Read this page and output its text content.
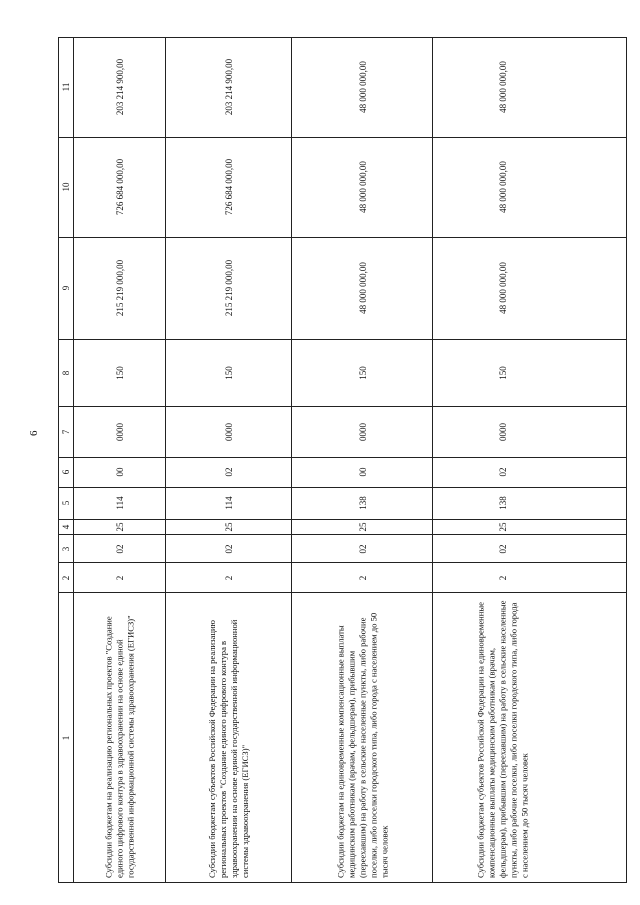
6
1
2
3
4
5
6
7
8
9
10
11
Субсидии бюджетам на реализацию региональных проектов "Создание единого цифрового контура в здравоохранении на основе единой государственной информационной системы здравоохранения (ЕГИСЗ)"
2
02
25
114
00
0000
150
215 219 000,00
726 684 000,00
203 214 900,00
Субсидии бюджетам субъектов Российской Федерации на реализацию региональных проектов "Создание единого цифрового контура в здравоохранении на основе единой государственной информационной системы здравоохранения (ЕГИСЗ)"
2
02
25
114
02
0000
150
215 219 000,00
726 684 000,00
203 214 900,00
Субсидии бюджетам на единовременные компенсационные выплаты медицинским работникам (врачам, фельдшерам), прибывшим (переехавшим) на работу в сельские населенные пункты, либо рабочие поселки, либо поселки городского типа, либо города с населением до 50 тысяч человек
2
02
25
138
00
0000
150
48 000 000,00
48 000 000,00
48 000 000,00
Субсидии бюджетам субъектов Российской Федерации на единовременные компенсационные выплаты медицинским работникам (врачам, фельдшерам), прибывшим (переехавшим) на работу в сельские населенные пункты, либо рабочие поселки, либо поселки городского типа, либо города с населением до 50 тысяч человек
2
02
25
138
02
0000
150
48 000 000,00
48 000 000,00
48 000 000,00
